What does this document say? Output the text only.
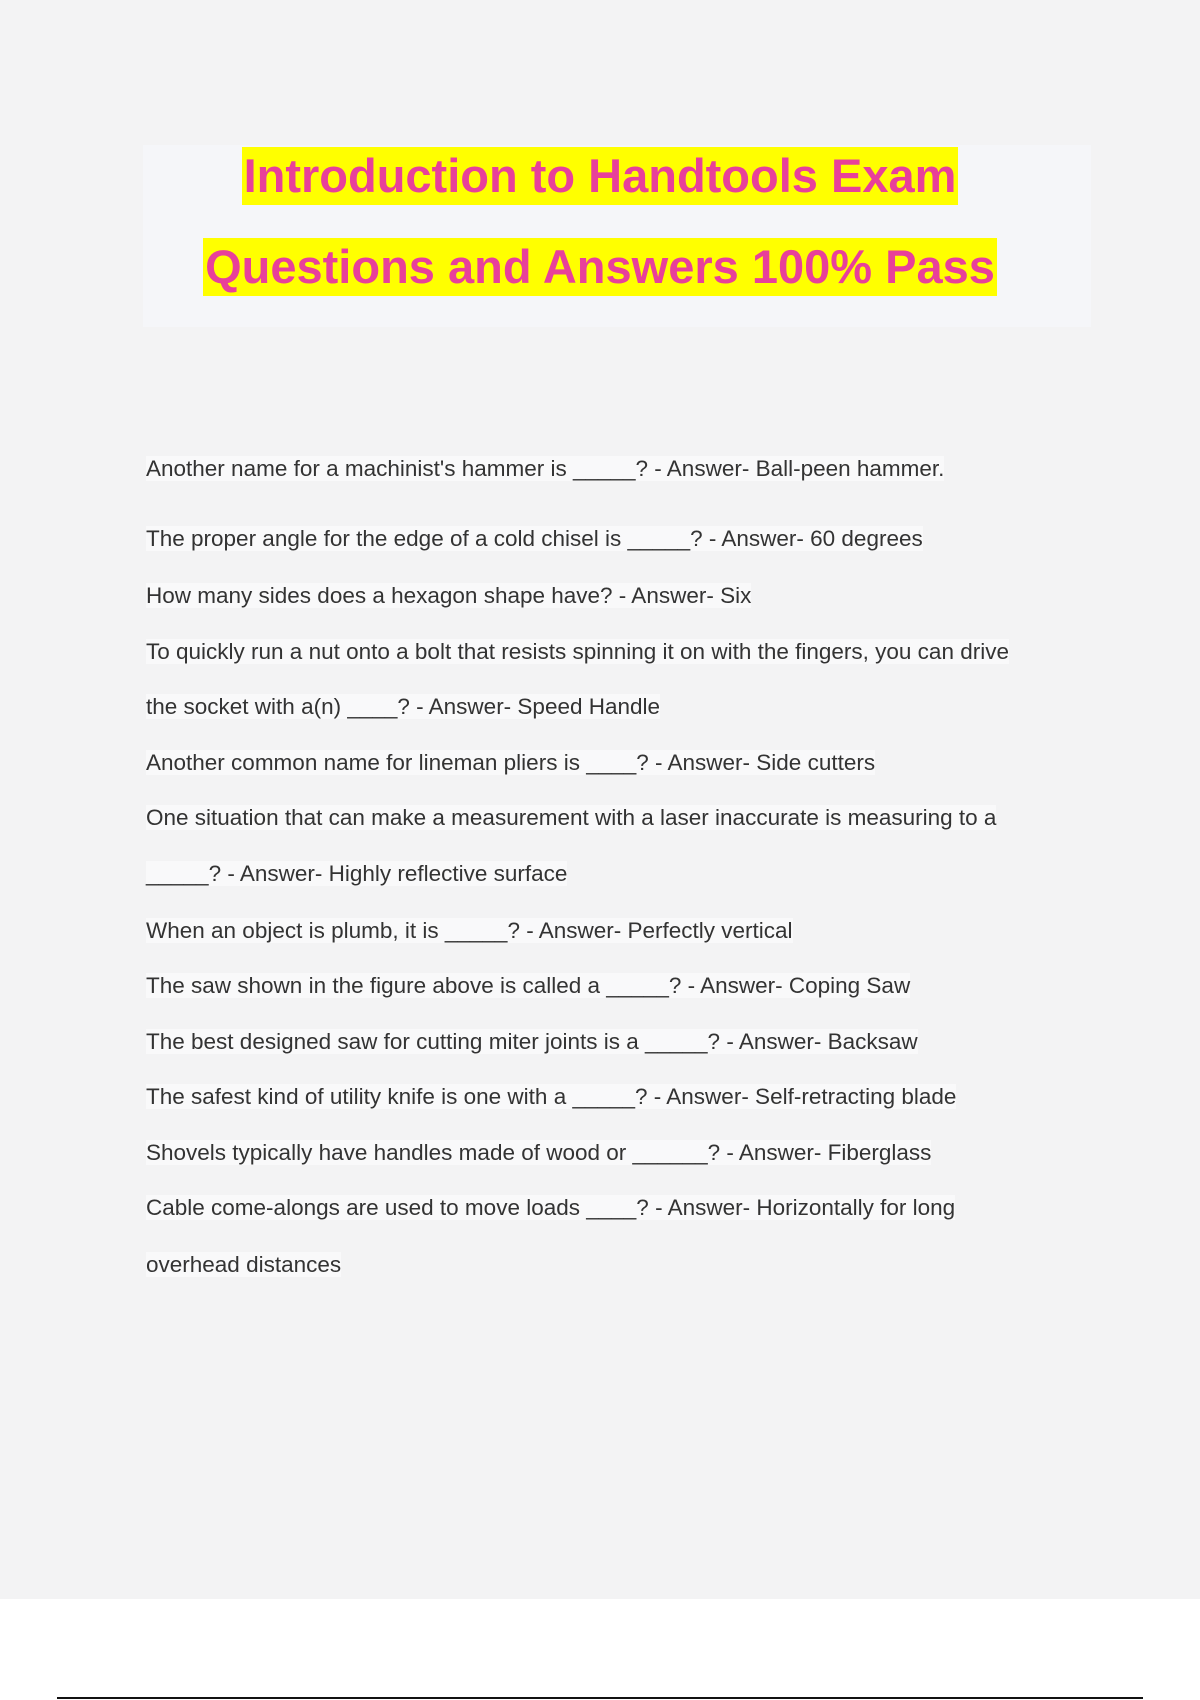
Introduction to Handtools Exam
Questions and Answers 100% Pass

Another name for a machinist's hammer is _____? - Answer- Ball-peen hammer.

The proper angle for the edge of a cold chisel is _____? - Answer- 60 degrees

How many sides does a hexagon shape have? - Answer- Six

To quickly run a nut onto a bolt that resists spinning it on with the fingers, you can drive

the socket with a(n) ____? - Answer- Speed Handle

Another common name for lineman pliers is ____? - Answer- Side cutters

One situation that can make a measurement with a laser inaccurate is measuring to a

_____? - Answer- Highly reflective surface

When an object is plumb, it is _____? - Answer- Perfectly vertical

The saw shown in the figure above is called a _____? - Answer- Coping Saw

The best designed saw for cutting miter joints is a _____? - Answer- Backsaw

The safest kind of utility knife is one with a _____? - Answer- Self-retracting blade

Shovels typically have handles made of wood or ______? - Answer- Fiberglass

Cable come-alongs are used to move loads ____? - Answer- Horizontally for long

overhead distances
